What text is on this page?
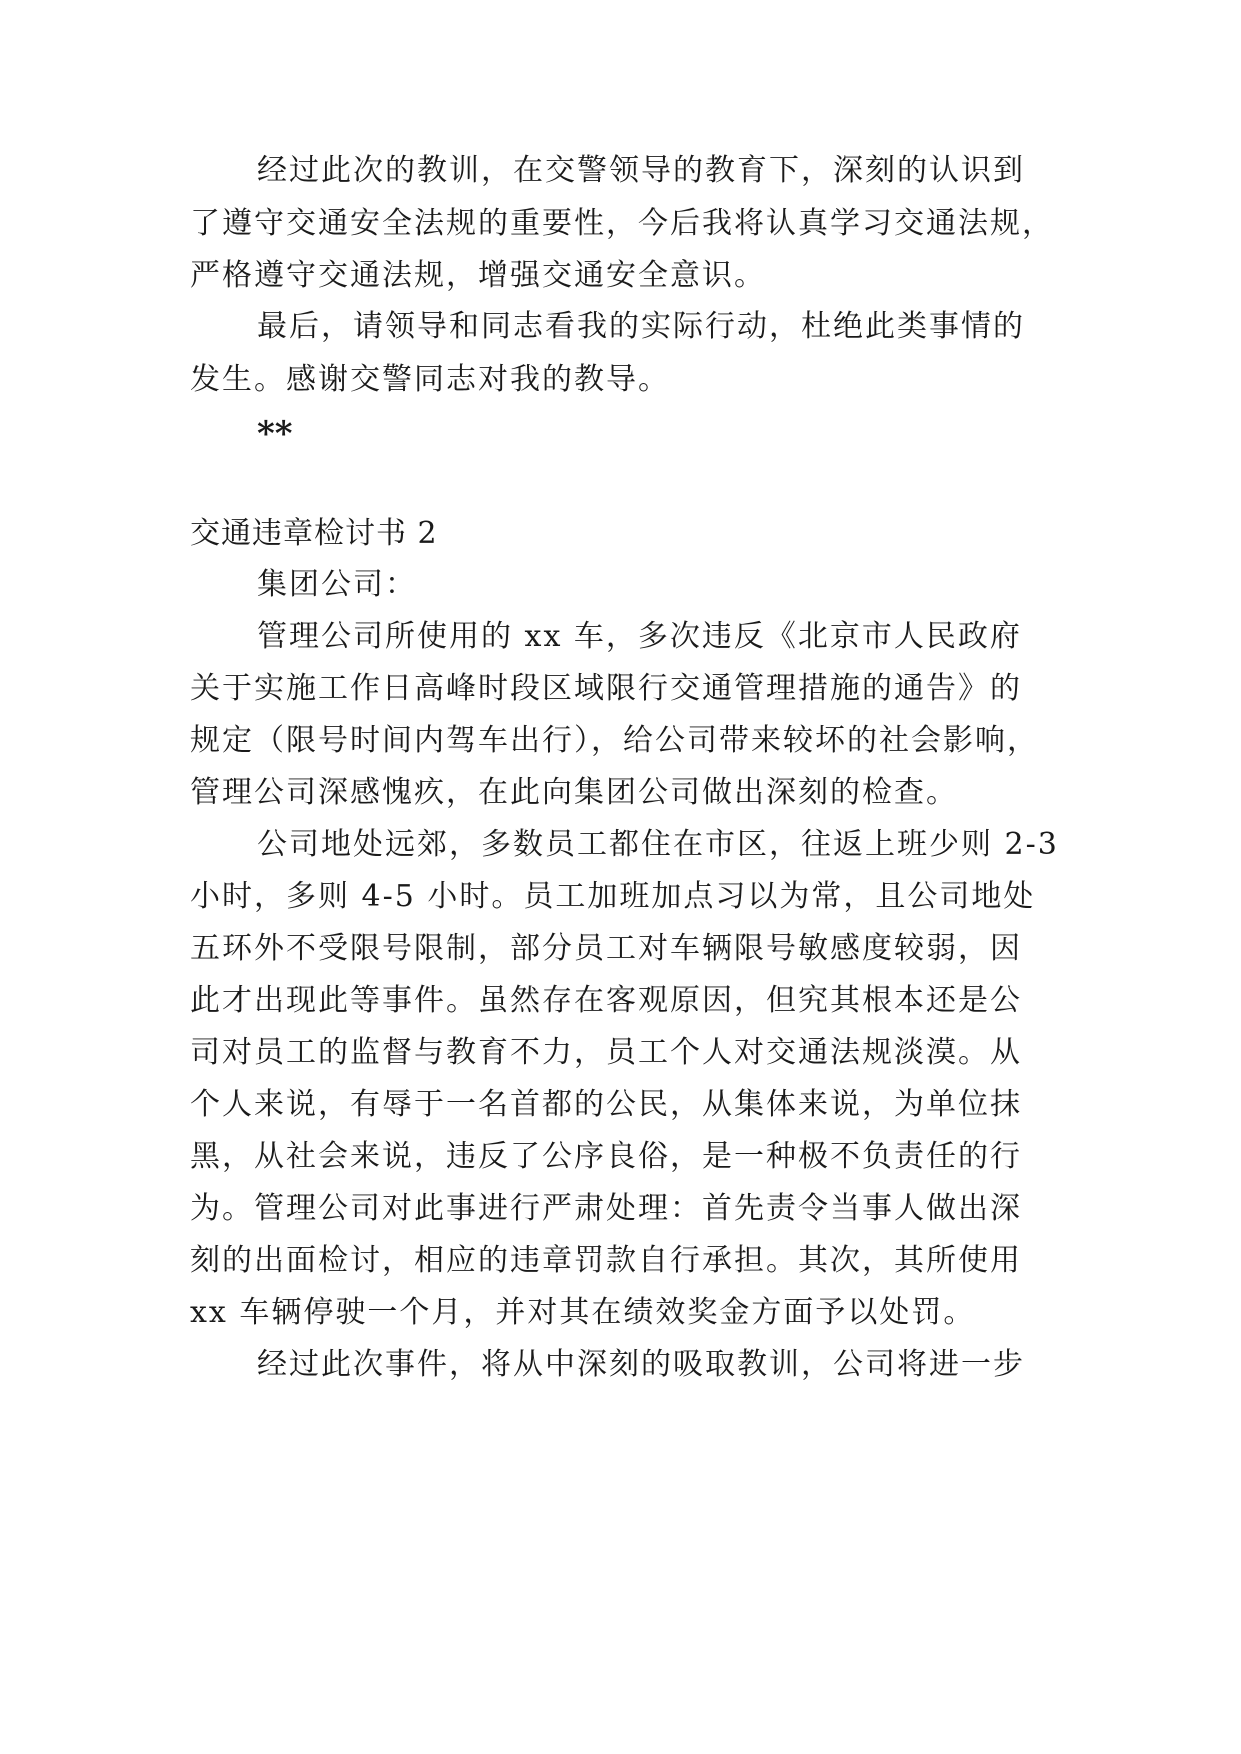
经过此次的教训，在交警领导的教育下，深刻的认识到
了遵守交通安全法规的重要性，今后我将认真学习交通法规，
严格遵守交通法规，增强交通安全意识。
最后，请领导和同志看我的实际行动，杜绝此类事情的
发生。感谢交警同志对我的教导。
**
交通违章检讨书 2
集团公司：
管理公司所使用的 xx 车，多次违反《北京市人民政府
关于实施工作日高峰时段区域限行交通管理措施的通告》的
规定（限号时间内驾车出行），给公司带来较坏的社会影响，
管理公司深感愧疚，在此向集团公司做出深刻的检查。
公司地处远郊，多数员工都住在市区，往返上班少则 2-3
小时，多则 4-5 小时。员工加班加点习以为常，且公司地处
五环外不受限号限制，部分员工对车辆限号敏感度较弱，因
此才出现此等事件。虽然存在客观原因，但究其根本还是公
司对员工的监督与教育不力，员工个人对交通法规淡漠。从
个人来说，有辱于一名首都的公民，从集体来说，为单位抹
黑，从社会来说，违反了公序良俗，是一种极不负责任的行
为。管理公司对此事进行严肃处理：首先责令当事人做出深
刻的出面检讨，相应的违章罚款自行承担。其次，其所使用
xx 车辆停驶一个月，并对其在绩效奖金方面予以处罚。
经过此次事件，将从中深刻的吸取教训，公司将进一步
